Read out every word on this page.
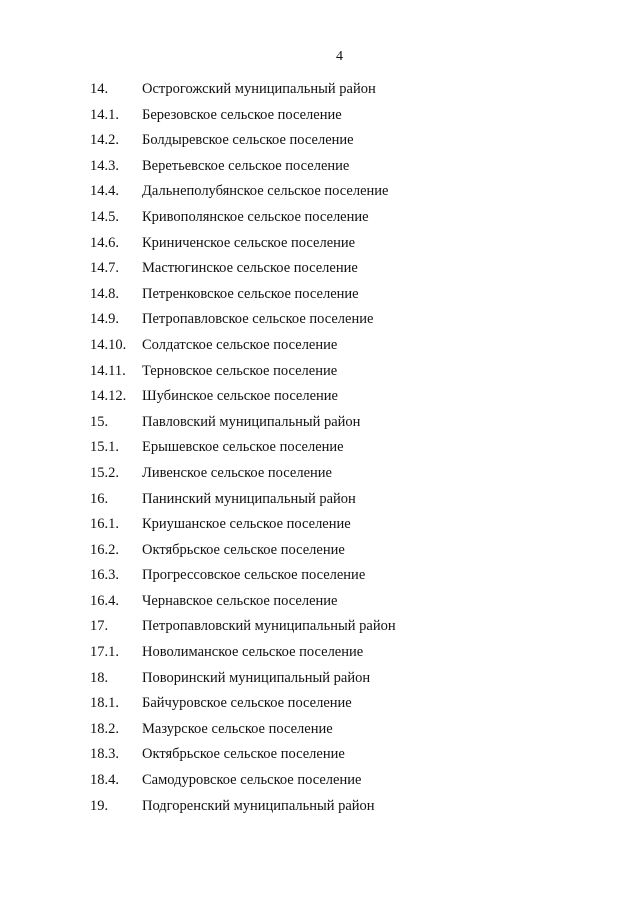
4
14.	Острогожский муниципальный район
14.1.	Березовское сельское поселение
14.2.	Болдыревское сельское поселение
14.3.	Веретьевское сельское поселение
14.4.	Дальнеполубянское сельское поселение
14.5.	Кривополянское сельское поселение
14.6.	Криниченское сельское поселение
14.7.	Мастюгинское сельское поселение
14.8.	Петренковское сельское поселение
14.9.	Петропавловское сельское поселение
14.10.	Солдатское сельское поселение
14.11.	Терновское сельское поселение
14.12.	Шубинское сельское поселение
15.	Павловский муниципальный район
15.1.	Ерышевское сельское поселение
15.2.	Ливенское сельское поселение
16.	Панинский муниципальный район
16.1.	Криушанское сельское поселение
16.2.	Октябрьское сельское поселение
16.3.	Прогрессовское сельское поселение
16.4.	Чернавское сельское поселение
17.	Петропавловский муниципальный район
17.1.	Новолиманское сельское поселение
18.	Поворинский муниципальный район
18.1.	Байчуровское сельское поселение
18.2.	Мазурское сельское поселение
18.3.	Октябрьское сельское поселение
18.4.	Самодуровское сельское поселение
19.	Подгоренский муниципальный район
